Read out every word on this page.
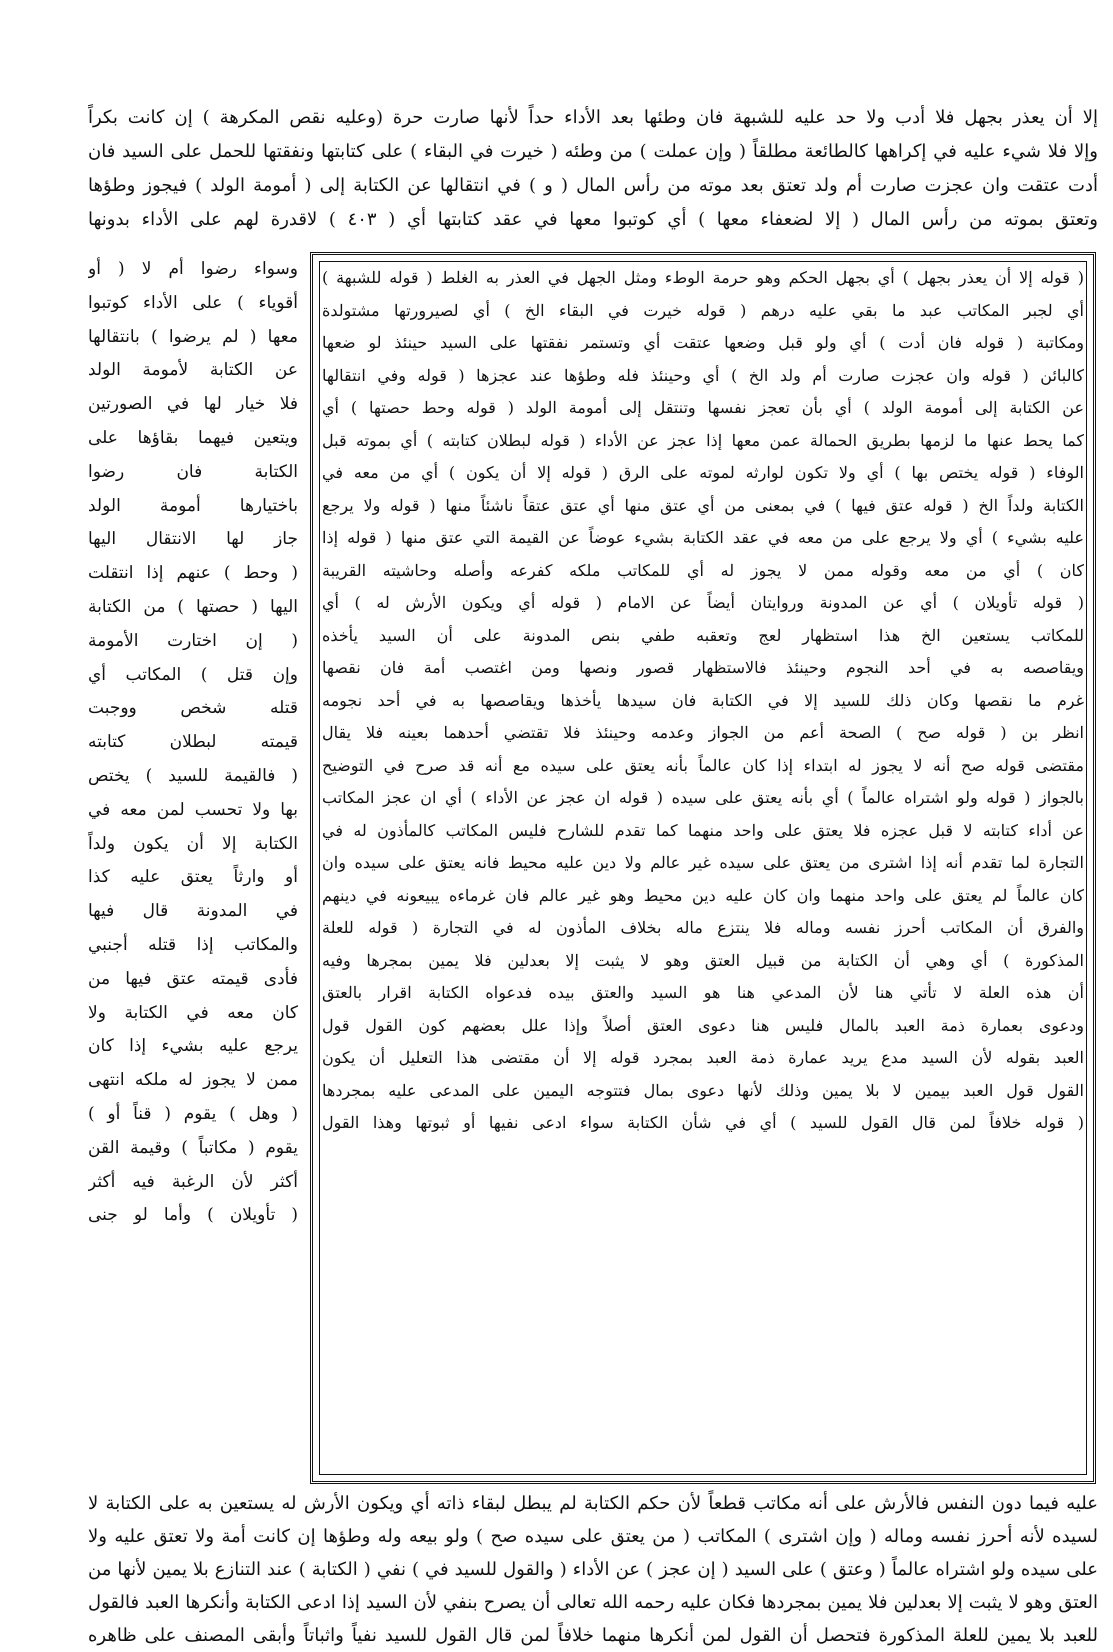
إلا أن يعذر بجهل فلا أدب ولا حد عليه للشبهة فان وطئها بعد الأداء حداً لأنها صارت حرة (وعليه نقص المكرهة ) إن كانت بكراً
وإلا فلا شيء عليه في إكراهها كالطائعة مطلقاً ( وإن عملت ) من وطئه ( خيرت في البقاء ) على كتابتها ونفقتها للحمل على السيد فان
أدت عتقت وان عجزت صارت أم ولد تعتق بعد موته من رأس المال ( و ) في انتقالها عن الكتابة إلى ( أمومة الولد ) فيجوز وطؤها
وتعتق بموته من رأس المال ( إلا لضعفاء معها ) أي كوتبوا معها في عقد كتابتها أي ( ٤٠٣ ) لاقدرة لهم على الأداء بدونها
( قوله إلا أن يعذر بجهل ) أي بجهل الحكم وهو حرمة الوطء ومثل الجهل في العذر به الغلط ( قوله للشبهة )
أي لجبر المكاتب عبد ما بقي عليه درهم ( قوله خيرت في البقاء الخ ) أي لصيرورتها مشتولدة
ومكاتبة ( قوله فان أدت ) أي ولو قبل وضعها عتقت أي وتستمر نفقتها على السيد حينئذ لو ضعها
كالبائن ( قوله وان عجزت صارت أم ولد الخ ) أي وحينئذ فله وطؤها عند عجزها ( قوله وفي انتقالها
عن الكتابة إلى أمومة الولد ) أي بأن تعجز نفسها وتنتقل إلى أمومة الولد ( قوله وحط حصتها ) أي
كما يحط عنها ما لزمها بطريق الحمالة عمن معها إذا عجز عن الأداء ( قوله لبطلان كتابته ) أي بموته قبل
الوفاء ( قوله يختص بها ) أي ولا تكون لوارثه لموته على الرق ( قوله إلا أن يكون ) أي من معه في
الكتابة ولداً الخ ( قوله عتق فيها ) في بمعنى من أي عتق منها أي عتق عتقاً ناشئاً منها ( قوله ولا يرجع
عليه بشيء ) أي ولا يرجع على من معه في عقد الكتابة بشيء عوضاً عن القيمة التي عتق منها ( قوله إذا
كان ) أي من معه وقوله ممن لا يجوز له أي للمكاتب ملكه كفرعه وأصله وحاشيته القريبة
( قوله تأويلان ) أي عن المدونة وروايتان أيضاً عن الامام ( قوله أي ويكون الأرش له ) أي
للمكاتب يستعين الخ هذا استظهار لعج وتعقبه طفي بنص المدونة على أن السيد يأخذه
ويقاصصه به في أحد النجوم وحينئذ فالاستظهار قصور ونصها ومن اغتصب أمة فان نقصها
غرم ما نقصها وكان ذلك للسيد إلا في الكتابة فان سيدها يأخذها ويقاصصها به في أحد نجومه
انظر بن ( قوله صح ) الصحة أعم من الجواز وعدمه وحينئذ فلا تقتضي أحدهما بعينه فلا يقال
مقتضى قوله صح أنه لا يجوز له ابتداء إذا كان عالماً بأنه يعتق على سيده مع أنه قد صرح في التوضيح
بالجواز ( قوله ولو اشتراه عالماً ) أي بأنه يعتق على سيده ( قوله ان عجز عن الأداء ) أي ان عجز المكاتب
عن أداء كتابته لا قبل عجزه فلا يعتق على واحد منهما كما تقدم للشارح فليس المكاتب كالمأذون له في
التجارة لما تقدم أنه إذا اشترى من يعتق على سيده غير عالم ولا دين عليه محيط فانه يعتق على سيده وان
كان عالماً لم يعتق على واحد منهما وان كان عليه دين محيط وهو غير عالم فان غرماءه يبيعونه في دينهم
والفرق أن المكاتب أحرز نفسه وماله فلا ينتزع ماله بخلاف المأذون له في التجارة ( قوله للعلة
المذكورة ) أي وهي أن الكتابة من قبيل العتق وهو لا يثبت إلا بعدلين فلا يمين بمجرها وفيه
أن هذه العلة لا تأتي هنا لأن المدعي هنا هو السيد والعتق بيده فدعواه الكتابة اقرار بالعتق
ودعوى بعمارة ذمة العبد بالمال فليس هنا دعوى العتق أصلاً وإذا علل بعضهم كون القول قول
العبد بقوله لأن السيد مدع يريد عمارة ذمة العبد بمجرد قوله إلا أن مقتضى هذا التعليل أن يكون
القول قول العبد بيمين لا بلا يمين وذلك لأنها دعوى بمال فتتوجه اليمين على المدعى عليه بمجردها
( قوله خلافاً لمن قال القول للسيد ) أي في شأن الكتابة سواء ادعى نفيها أو ثبوتها وهذا القول
وسواء رضوا أم لا ( أو
أقوياء ) على الأداء كوتبوا
معها ( لم يرضوا ) بانتقالها
عن الكتابة لأمومة الولد
فلا خيار لها في الصورتين
ويتعين فيهما بقاؤها على
الكتابة فان رضوا
باختيارها أمومة الولد
جاز لها الانتقال اليها
( وحط ) عنهم إذا انتقلت
اليها ( حصتها ) من الكتابة
( إن اختارت الأمومة
وإن قتل ) المكاتب أي
قتله شخص ووجبت
قيمته لبطلان كتابته
( فالقيمة للسيد ) يختص
بها ولا تحسب لمن معه في
الكتابة إلا أن يكون ولداً
أو وارثاً يعتق عليه كذا
في المدونة قال فيها
والمكاتب إذا قتله أجنبي
فأدى قيمته عتق فيها من
كان معه في الكتابة ولا
يرجع عليه بشيء إذا كان
ممن لا يجوز له ملكه انتهى
( وهل ) يقوم ( قناً أو )
يقوم ( مكاتباً ) وقيمة القن
أكثر لأن الرغبة فيه أكثر
( تأويلان ) وأما لو جنى
عليه فيما دون النفس فالأرش على أنه مكاتب قطعاً لأن حكم الكتابة لم يبطل لبقاء ذاته أي ويكون الأرش له يستعين به على الكتابة لا
لسيده لأنه أحرز نفسه وماله ( وإن اشترى ) المكاتب ( من يعتق على سيده صح ) ولو بيعه وله وطؤها إن كانت أمة ولا تعتق عليه ولا
على سيده ولو اشتراه عالماً ( وعتق ) على السيد ( إن عجز ) عن الأداء ( والقول للسيد في ) نفي ( الكتابة ) عند التنازع بلا يمين لأنها من
العتق وهو لا يثبت إلا بعدلين فلا يمين بمجردها فكان عليه رحمه الله تعالى أن يصرح بنفي لأن السيد إذا ادعى الكتابة وأنكرها العبد فالقول
للعبد بلا يمين للعلة المذكورة فتحصل أن القول لمن أنكرها منهما خلافاً لمن قال القول للسيد نفياً واثباتاً وأبقى المصنف على ظاهره
